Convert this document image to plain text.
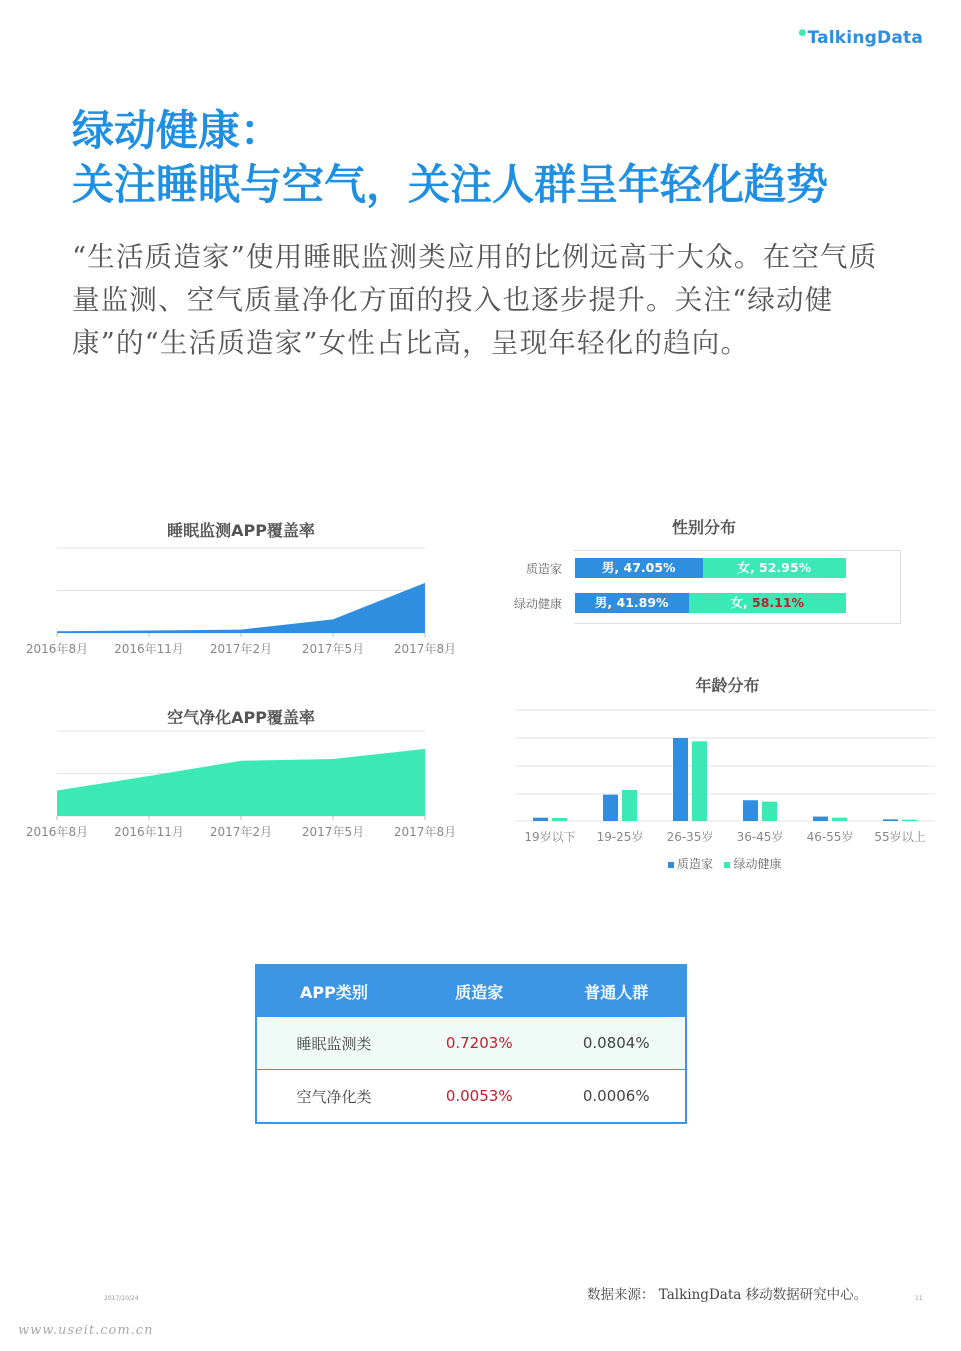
●TalkingData
绿动健康：
关注睡眠与空气，关注人群呈年轻化趋势
“生活质造家”使用睡眠监测类应用的比例远高于大众。在空气质量监测、空气质量净化方面的投入也逐步提升。关注“绿动健康”的“生活质造家”女性占比高，呈现年轻化的趋向。
睡眠监测APP覆盖率
2016年8月 2016年11月 2017年2月 2017年5月 2017年8月
空气净化APP覆盖率
2016年8月 2016年11月 2017年2月 2017年5月 2017年8月
性别分布
质造家
绿动健康
男, 47.05%	女, 52.95%
男, 41.89%	女, 58.11%
年龄分布
19岁以下 19-25岁 26-35岁 36-45岁 46-55岁 55岁以上
质造家 绿动健康
APP类别	质造家	普通人群
睡眠监测类	0.7203%	0.0804%
空气净化类	0.0053%	0.0006%
数据来源： TalkingData 移动数据研究中心。
2017/10/24	11
www.useit.com.cn
